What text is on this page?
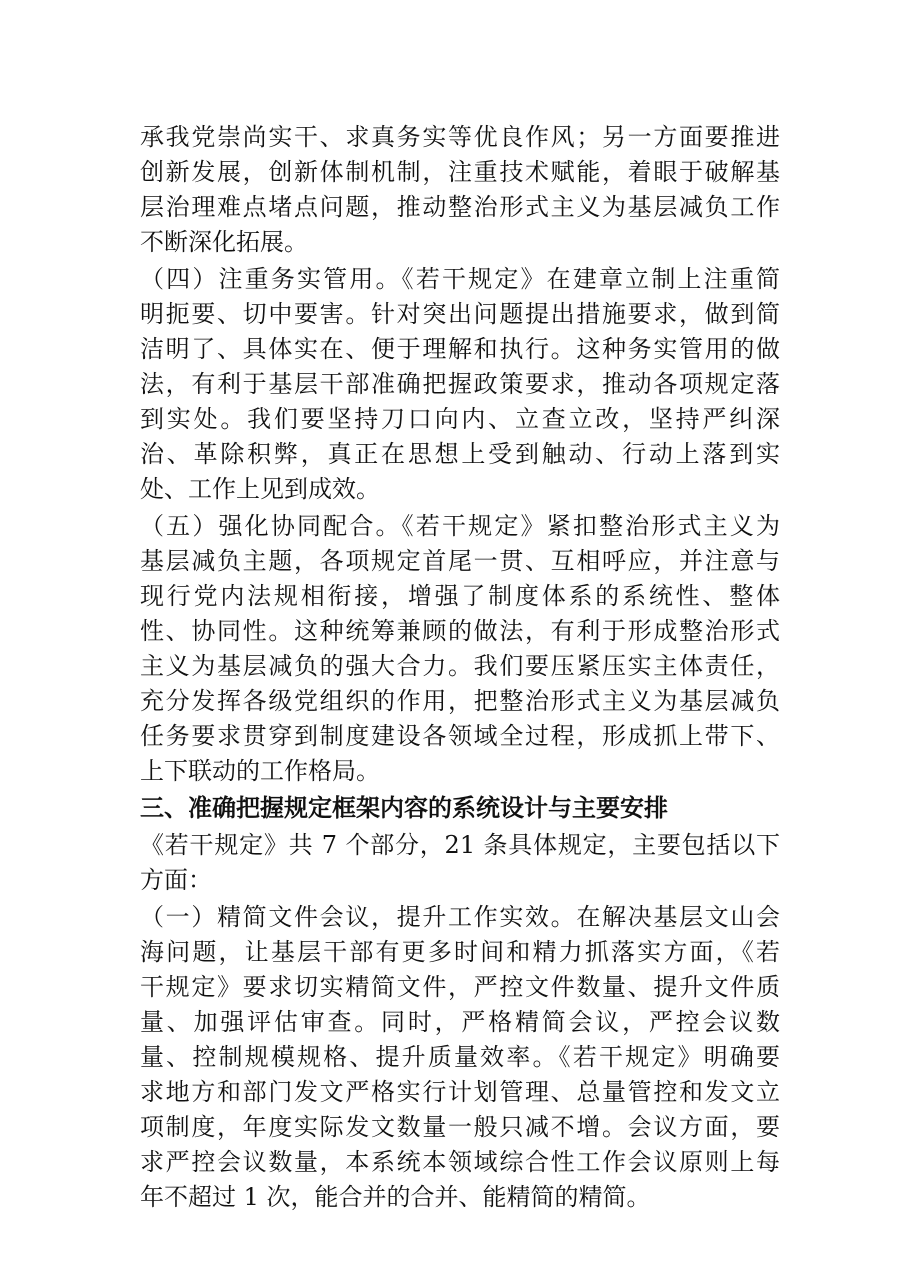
承我党崇尚实干、求真务实等优良作风；另一方面要推进
创新发展，创新体制机制，注重技术赋能，着眼于破解基
层治理难点堵点问题，推动整治形式主义为基层减负工作
不断深化拓展。
（四）注重务实管用。《若干规定》在建章立制上注重简
明扼要、切中要害。针对突出问题提出措施要求，做到简
洁明了、具体实在、便于理解和执行。这种务实管用的做
法，有利于基层干部准确把握政策要求，推动各项规定落
到实处。我们要坚持刀口向内、立查立改，坚持严纠深
治、革除积弊，真正在思想上受到触动、行动上落到实
处、工作上见到成效。
（五）强化协同配合。《若干规定》紧扣整治形式主义为
基层减负主题，各项规定首尾一贯、互相呼应，并注意与
现行党内法规相衔接，增强了制度体系的系统性、整体
性、协同性。这种统筹兼顾的做法，有利于形成整治形式
主义为基层减负的强大合力。我们要压紧压实主体责任，
充分发挥各级党组织的作用，把整治形式主义为基层减负
任务要求贯穿到制度建设各领域全过程，形成抓上带下、
上下联动的工作格局。
三、准确把握规定框架内容的系统设计与主要安排
《若干规定》共 7 个部分，21 条具体规定，主要包括以下
方面：
（一）精简文件会议，提升工作实效。在解决基层文山会
海问题，让基层干部有更多时间和精力抓落实方面，《若
干规定》要求切实精简文件，严控文件数量、提升文件质
量、加强评估审查。同时，严格精简会议，严控会议数
量、控制规模规格、提升质量效率。《若干规定》明确要
求地方和部门发文严格实行计划管理、总量管控和发文立
项制度，年度实际发文数量一般只减不增。会议方面，要
求严控会议数量，本系统本领域综合性工作会议原则上每
年不超过 1 次，能合并的合并、能精简的精简。
